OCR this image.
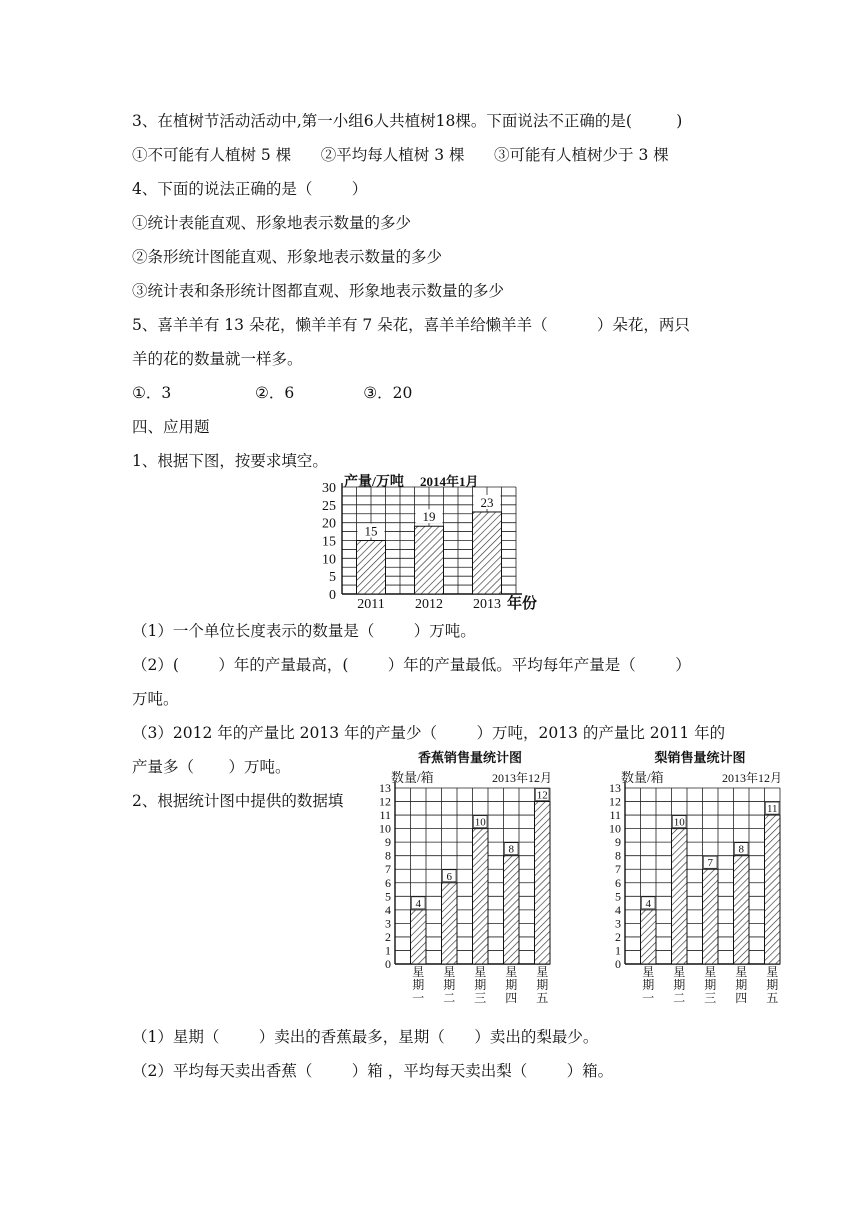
3、在植树节活动活动中,第一小组6人共植树18棵。下面说法不正确的是(         )
①不可能有人植树 5 棵      ②平均每人植树 3 棵      ③可能有人植树少于 3 棵
4、下面的说法正确的是（        ）
①统计表能直观、形象地表示数量的多少
②条形统计图能直观、形象地表示数量的多少
③统计表和条形统计图都直观、形象地表示数量的多少
5、喜羊羊有 13 朵花，懒羊羊有 7 朵花，喜羊羊给懒羊羊（          ）朵花，两只
羊的花的数量就一样多。
①．3                 ②．6              ③．20
四、应用题
1、根据下图，按要求填空。
0
5
10
15
20
25
30
15
2011
19
2012
23
2013
产量/万吨 2014年1月
年份
（1）一个单位长度表示的数量是（        ）万吨。
（2）(        ）年的产量最高，(        ）年的产量最低。平均每年产量是（        ）
万吨。
（3）2012 年的产量比 2013 年的产量少（        ）万吨，2013 的产量比 2011 年的
产量多（       ）万吨。
2、根据统计图中提供的数据填
0
1
2
3
4
5
6
7
8
9
10
11
12
13
4
星期一
6
星期二
10
星期三
8
星期四
12
星期五
香蕉销售量统计图
数量/箱	2013年12月
0
1
2
3
4
5
6
7
8
9
10
11
12
13
4
星期一
10
星期二
7
星期三
8
星期四
11
星期五
梨销售量统计图
数量/箱	2013年12月
（1）星期（        ）卖出的香蕉最多，星期（      ）卖出的梨最少。
（2）平均每天卖出香蕉（        ）箱 ，平均每天卖出梨（        ）箱。
